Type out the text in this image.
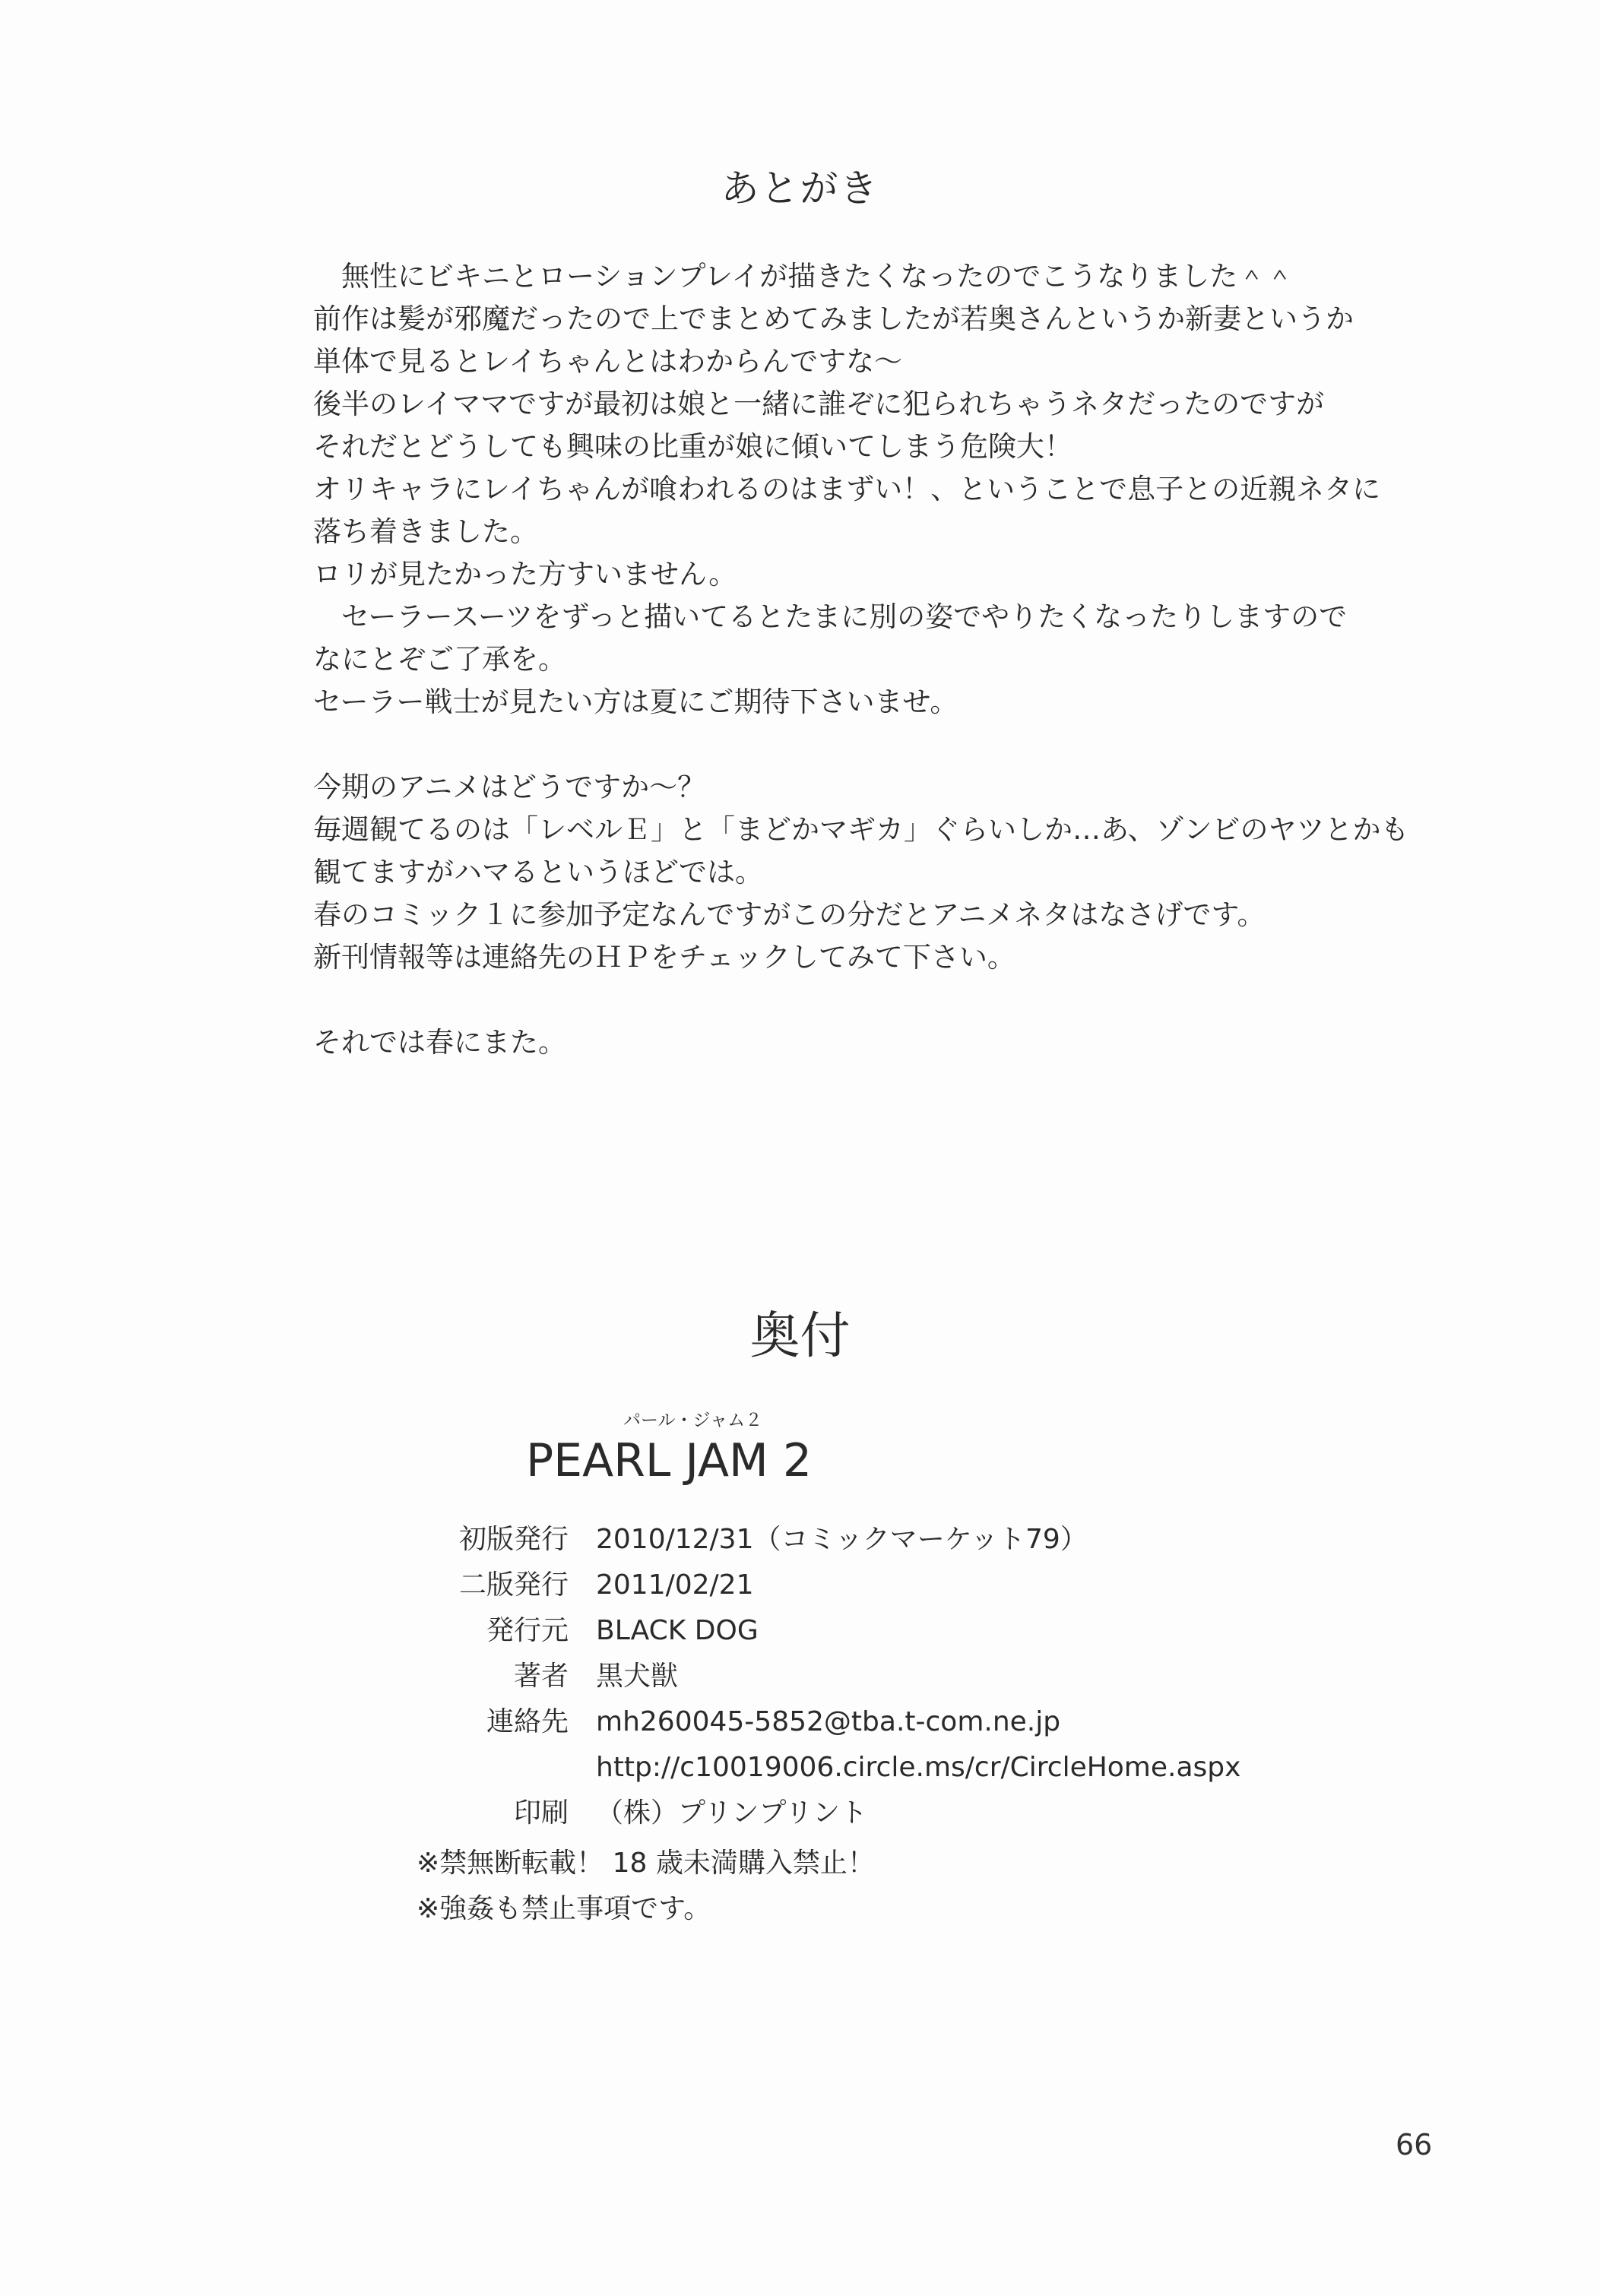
あとがき
　無性にビキニとローションプレイが描きたくなったのでこうなりました＾＾
前作は髪が邪魔だったので上でまとめてみましたが若奥さんというか新妻というか
単体で見るとレイちゃんとはわからんですな～
後半のレイママですが最初は娘と一緒に誰ぞに犯られちゃうネタだったのですが
それだとどうしても興味の比重が娘に傾いてしまう危険大！
オリキャラにレイちゃんが喰われるのはまずい！、ということで息子との近親ネタに
落ち着きました。
ロリが見たかった方すいません。
　セーラースーツをずっと描いてるとたまに別の姿でやりたくなったりしますので
なにとぞご了承を。
セーラー戦士が見たい方は夏にご期待下さいませ。
今期のアニメはどうですか～？
毎週観てるのは「レベルＥ」と「まどかマギカ」ぐらいしか…あ、ゾンビのヤツとかも
観てますがハマるというほどでは。
春のコミック１に参加予定なんですがこの分だとアニメネタはなさげです。
新刊情報等は連絡先のＨＰをチェックしてみて下さい。
それでは春にまた。
奥付
パール・ジャム２
PEARL JAM 2
初版発行 2010/12/31（コミックマーケット79）
二版発行 2011/02/21
発行元 BLACK DOG
著者 黒犬獣
連絡先 mh260045-5852@tba.t-com.ne.jp
http://c10019006.circle.ms/cr/CircleHome.aspx
印刷 （株）プリンプリント
※禁無断転載！ 18 歳未満購入禁止！
※強姦も禁止事項です。
66
